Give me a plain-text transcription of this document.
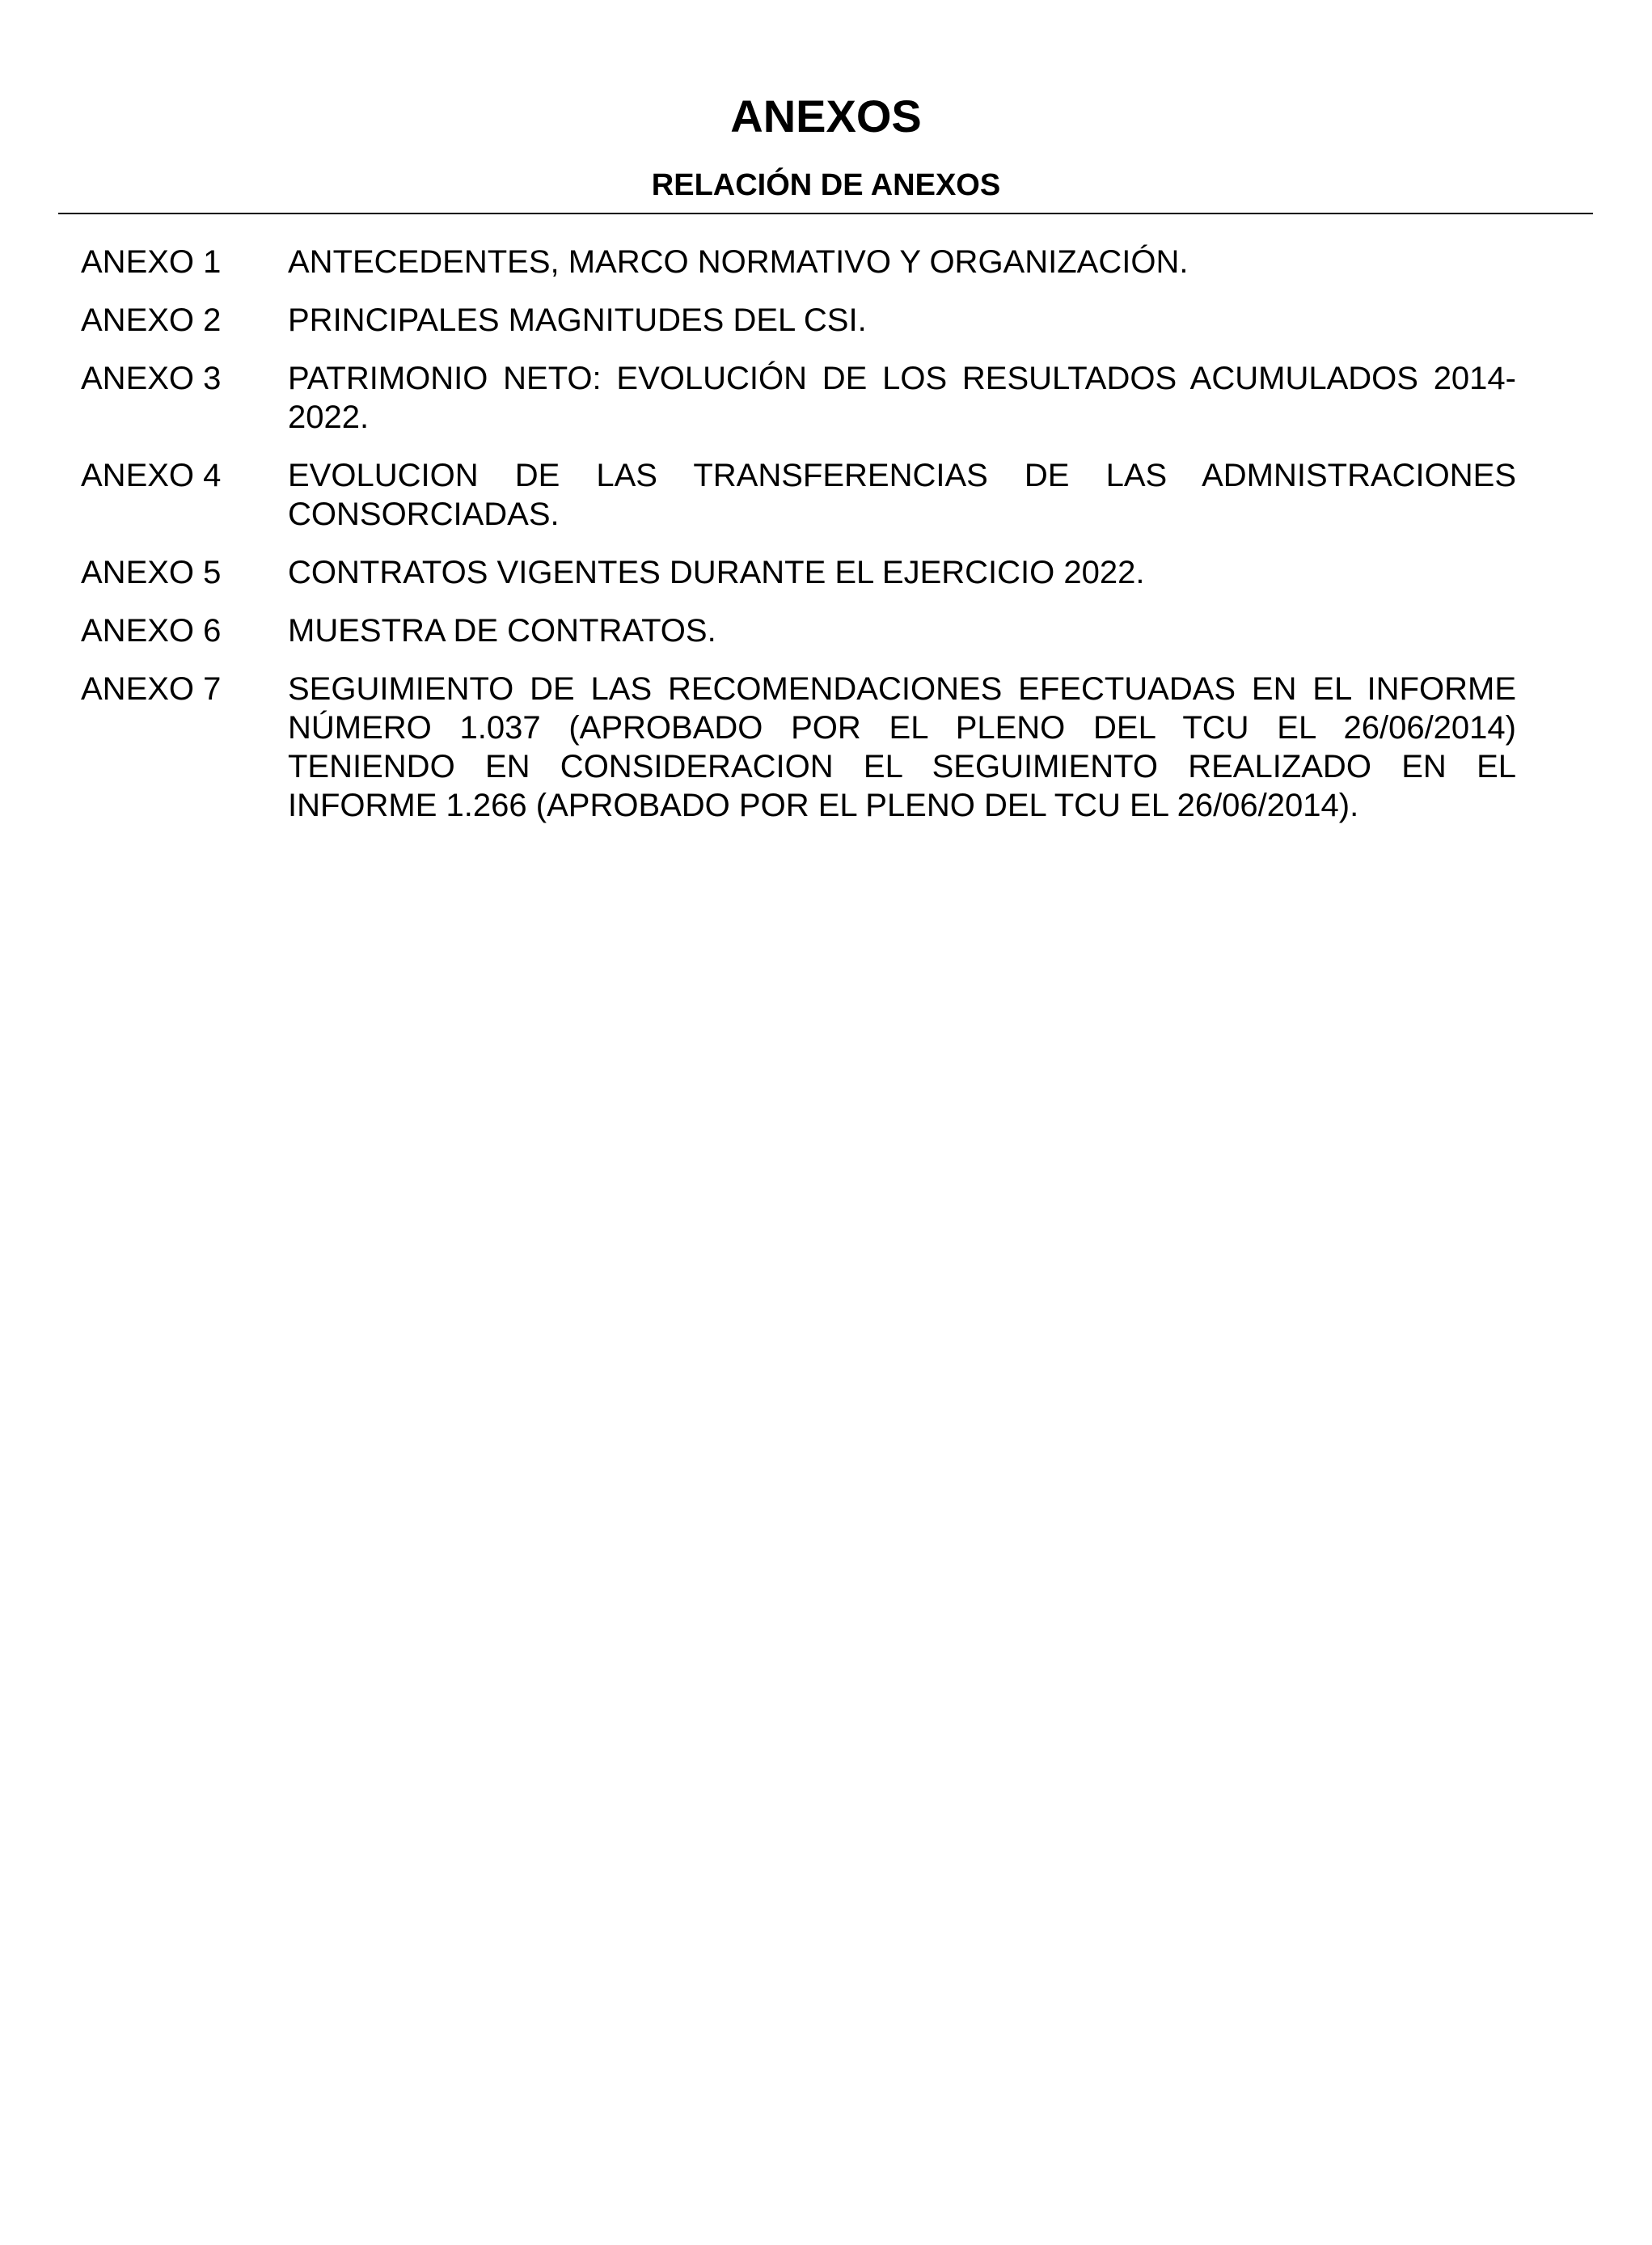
ANEXOS
RELACIÓN DE ANEXOS
ANEXO 1	ANTECEDENTES, MARCO NORMATIVO Y ORGANIZACIÓN.
ANEXO 2	PRINCIPALES MAGNITUDES DEL CSI.
ANEXO 3	PATRIMONIO NETO: EVOLUCIÓN DE LOS RESULTADOS ACUMULADOS 2014-2022.
ANEXO 4	EVOLUCION DE LAS TRANSFERENCIAS DE LAS ADMNISTRACIONES CONSORCIADAS.
ANEXO 5	CONTRATOS VIGENTES DURANTE EL EJERCICIO 2022.
ANEXO 6	MUESTRA DE CONTRATOS.
ANEXO 7	SEGUIMIENTO DE LAS RECOMENDACIONES EFECTUADAS EN EL INFORME NÚMERO 1.037 (APROBADO POR EL PLENO DEL TCU EL 26/06/2014) TENIENDO EN CONSIDERACION EL SEGUIMIENTO REALIZADO EN EL INFORME 1.266 (APROBADO POR EL PLENO DEL TCU EL 26/06/2014).
